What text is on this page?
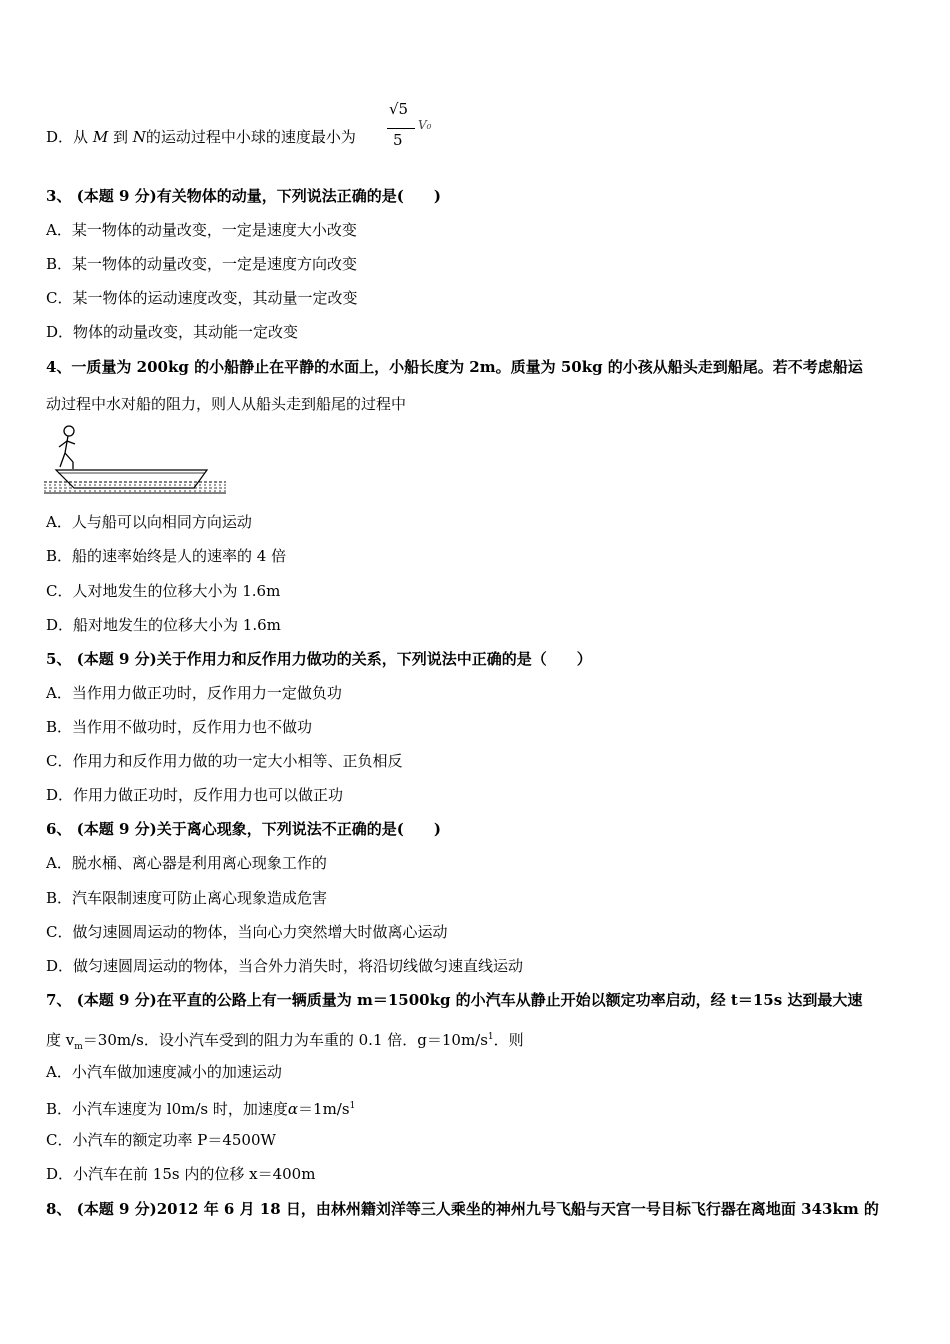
D．从 M 到 N的运动过程中小球的速度最小为
√5
5
V₀
3、 (本题 9 分)有关物体的动量，下列说法正确的是(　　)
A．某一物体的动量改变，一定是速度大小改变
B．某一物体的动量改变，一定是速度方向改变
C．某一物体的运动速度改变，其动量一定改变
D．物体的动量改变，其动能一定改变
4、一质量为 200kg 的小船静止在平静的水面上，小船长度为 2m。质量为 50kg 的小孩从船头走到船尾。若不考虑船运
动过程中水对船的阻力，则人从船头走到船尾的过程中
A．人与船可以向相同方向运动
B．船的速率始终是人的速率的 4 倍
C．人对地发生的位移大小为 1.6m
D．船对地发生的位移大小为 1.6m
5、 (本题 9 分)关于作用力和反作用力做功的关系，下列说法中正确的是（　　）
A．当作用力做正功时，反作用力一定做负功
B．当作用不做功时，反作用力也不做功
C．作用力和反作用力做的功一定大小相等、正负相反
D．作用力做正功时，反作用力也可以做正功
6、 (本题 9 分)关于离心现象，下列说法不正确的是(　　)
A．脱水桶、离心器是利用离心现象工作的
B．汽车限制速度可防止离心现象造成危害
C．做匀速圆周运动的物体，当向心力突然增大时做离心运动
D．做匀速圆周运动的物体，当合外力消失时，将沿切线做匀速直线运动
7、 (本题 9 分)在平直的公路上有一辆质量为 m＝1500kg 的小汽车从静止开始以额定功率启动，经 t＝15s 达到最大速
度 $v_m=30m/s$．设小汽车受到的阻力为车重的 0.1 倍．$g=10m/s^1$．则
A．小汽车做加速度减小的加速运动
B．小汽车速度为 l0m/s 时，加速度$\alpha=1m/s^1$
C．小汽车的额定功率 P＝4500W
D．小汽车在前 15s 内的位移 x＝400m
8、 (本题 9 分)2012 年 6 月 18 日，由林州籍刘洋等三人乘坐的神州九号飞船与天宫一号目标飞行器在离地面 343km 的
